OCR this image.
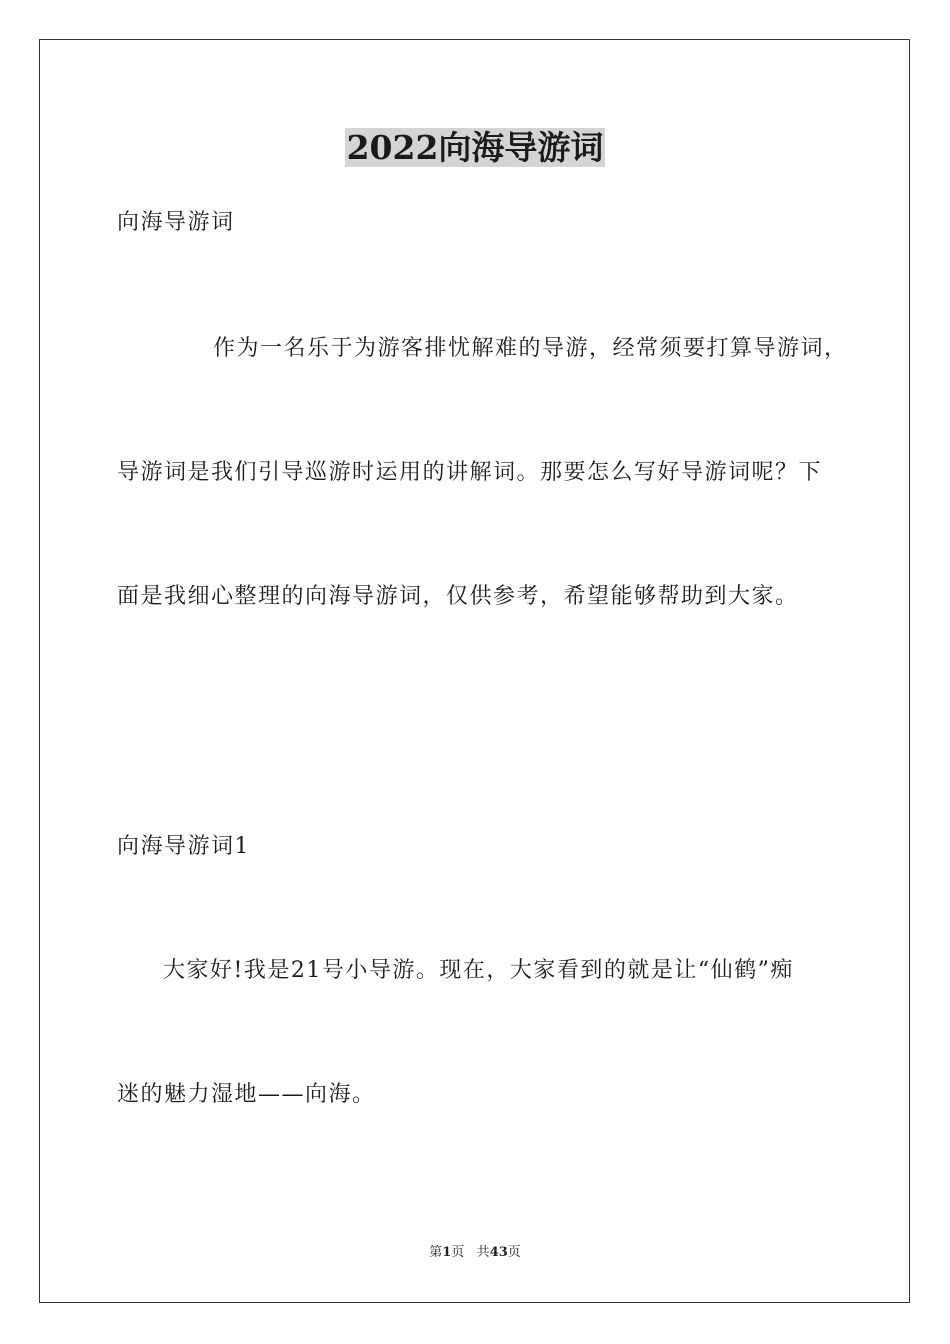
2022向海导游词
向海导游词
作为一名乐于为游客排忧解难的导游，经常须要打算导游词，
导游词是我们引导巡游时运用的讲解词。那要怎么写好导游词呢？下
面是我细心整理的向海导游词，仅供参考，希望能够帮助到大家。
向海导游词1
大家好!我是21号小导游。现在，大家看到的就是让“仙鹤”痴
迷的魅力湿地——向海。
第1页 共43页
